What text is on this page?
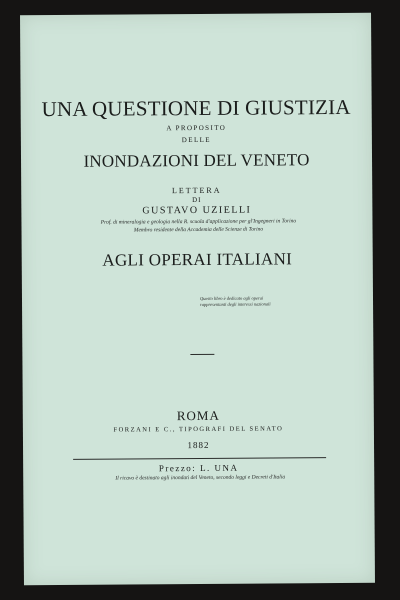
UNA QUESTIONE DI GIUSTIZIA
A PROPOSITO
DELLE
INONDAZIONI DEL VENETO
LETTERA
DI
GUSTAVO UZIELLI
Prof. di mineralogia e geologia nella R. scuola d'applicazione per gl'Ingegneri in Torino
Membro residente della Accademia delle Scienze di Torino
AGLI OPERAI ITALIANI
Questo libro è dedicato agli operai
rappresentanti degli interessi nazionali
ROMA
FORZANI E C., TIPOGRAFI DEL SENATO
1882
Prezzo: L. UNA
Il ricavo è destinato agli inondati del Veneto, secondo leggi e Decreti d'Italia
